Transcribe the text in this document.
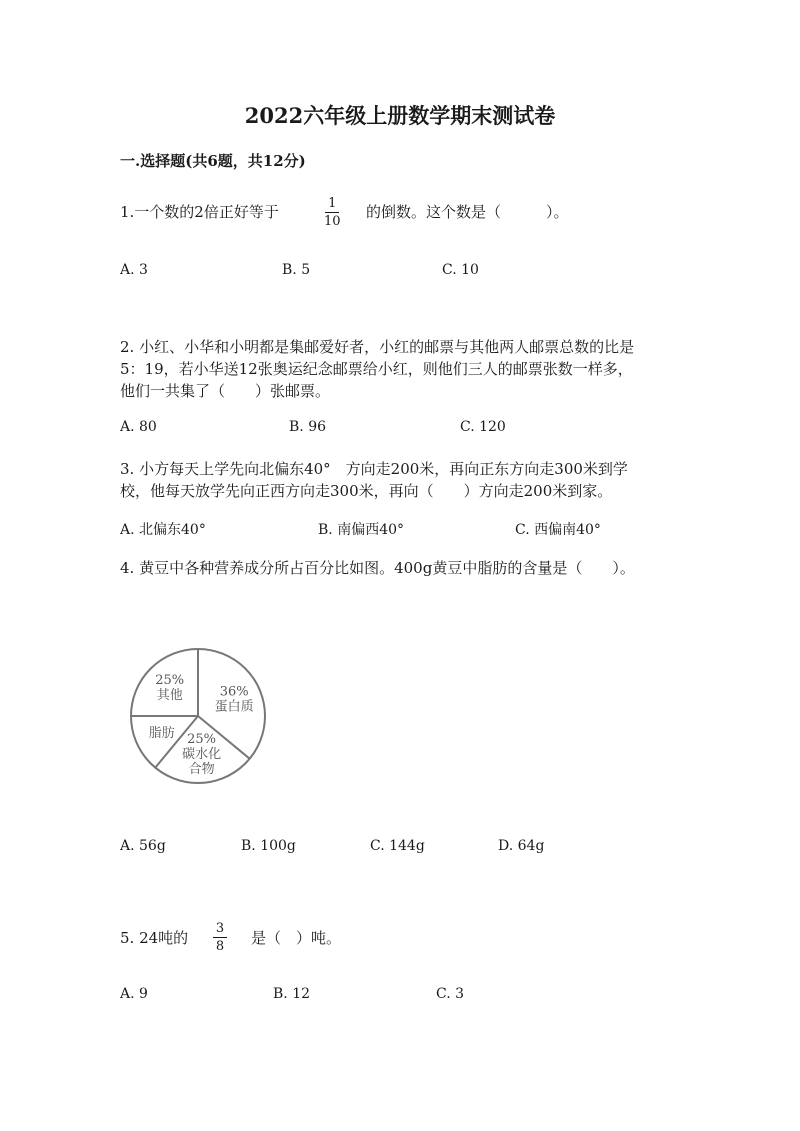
2022六年级上册数学期末测试卷
一.选择题(共6题，共12分)
1.一个数的2倍正好等于	1
10
的倒数。这个数是（　　　）。
A. 3	B. 5	C. 10
2. 小红、小华和小明都是集邮爱好者，小红的邮票与其他两人邮票总数的比是
5：19，若小华送12张奥运纪念邮票给小红，则他们三人的邮票张数一样多，
他们一共集了（　　）张邮票。
A. 80	B. 96	C. 120
3. 小方每天上学先向北偏东40°　方向走200米，再向正东方向走300米到学
校，他每天放学先向正西方向走300米，再向（　　）方向走200米到家。
A. 北偏东40°	B. 南偏西40°	C. 西偏南40°
4. 黄豆中各种营养成分所占百分比如图。400g黄豆中脂肪的含量是（　　）。
36%
蛋白质
25%
碳水化
合物
脂肪
25%
其他
A. 56g	B. 100g	C. 144g	D. 64g
5. 24吨的
3
8 是（　）吨。
A. 9	B. 12	C. 3
